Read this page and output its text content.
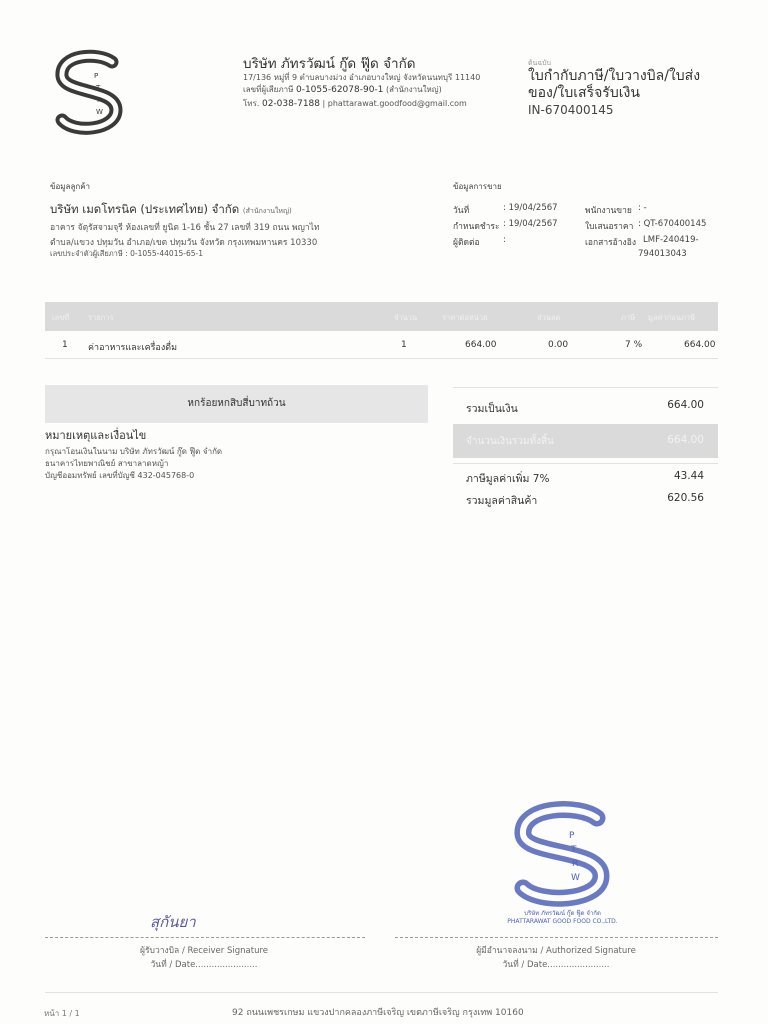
P
T
R
W
บริษัท ภัทรวัฒน์ กู๊ด ฟู๊ด จำกัด
17/136 หมู่ที่ 9 ตำบลบางม่วง อำเภอบางใหญ่ จังหวัดนนทบุรี 11140
เลขที่ผู้เสียภาษี 0-1055-62078-90-1 (สำนักงานใหญ่)
โทร. 02-038-7188 | phattarawat.goodfood@gmail.com
ต้นฉบับ
ใบกำกับภาษี/ใบวางบิล/ใบส่งของ/ใบเสร็จรับเงิน
IN-670400145
ข้อมูลลูกค้า
บริษัท เมดโทรนิค (ประเทศไทย) จำกัด (สำนักงานใหญ่)
อาคาร จัตุรัสจามจุรี ห้องเลขที่ ยูนิต 1-16 ชั้น 27 เลขที่ 319 ถนน พญาไท
ตำบล/แขวง ปทุมวัน อำเภอ/เขต ปทุมวัน จังหวัด กรุงเทพมหานคร 10330
เลขประจำตัวผู้เสียภาษี : 0-1055-44015-65-1
ข้อมูลการขาย
วันที่	: 19/04/2567
กำหนดชำระ : 19/04/2567
ผู้ติดต่อ	:
พนักงานขาย : -
ใบเสนอราคา : QT-670400145
เอกสารอ้างอิง LMF-240419-
794013043
เลขที่	รายการ	จำนวน	ราคาต่อหน่วย	ส่วนลด	ภาษี มูลค่าก่อนภาษี
1 ค่าอาหารและเครื่องดื่ม	1	664.00	0.00	7 %	664.00
หกร้อยหกสิบสี่บาทถ้วน
หมายเหตุและเงื่อนไข
กรุณาโอนเงินในนาม บริษัท ภัทรวัฒน์ กู๊ด ฟู๊ด จำกัด
ธนาคารไทยพาณิชย์ สาขาลาดหญ้า
บัญชีออมทรัพย์ เลขที่บัญชี 432-045768-0
รวมเป็นเงิน	664.00
จำนวนเงินรวมทั้งสิ้น	664.00
ภาษีมูลค่าเพิ่ม 7%	43.44
รวมมูลค่าสินค้า	620.56
P
T
R
W
บริษัท ภัทรวัฒน์ กู๊ด ฟู๊ด จำกัด
PHATTARAWAT GOOD FOOD CO.,LTD.
สุกันยา
ผู้รับวางบิล / Receiver Signature
วันที่ / Date.......................
ผู้มีอำนาจลงนาม / Authorized Signature
วันที่ / Date.......................
หน้า 1 / 1	92 ถนนเพชรเกษม แขวงปากคลองภาษีเจริญ เขตภาษีเจริญ กรุงเทพ 10160
